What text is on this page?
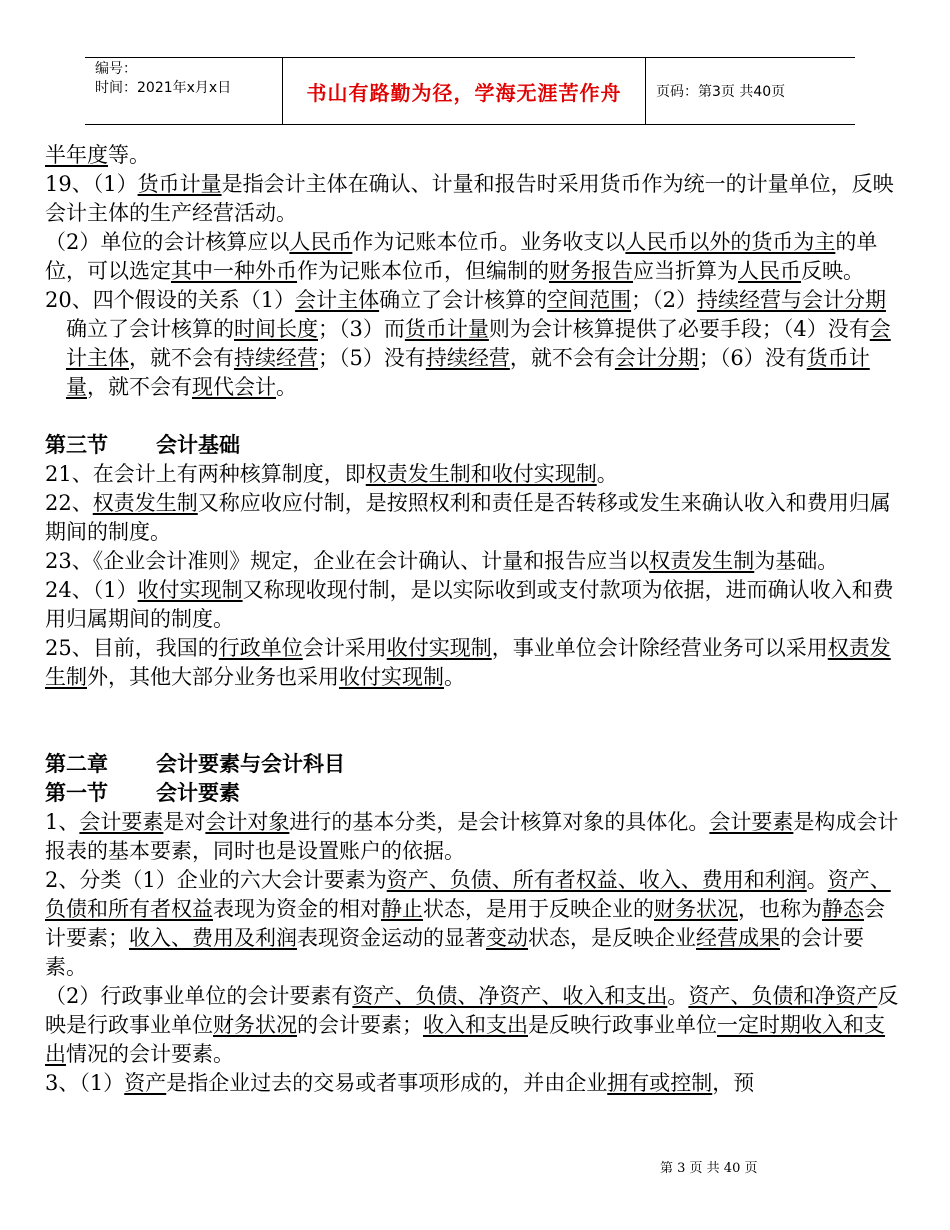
编号：
时间：2021年x月x日	书山有路勤为径，学海无涯苦作舟	页码：第3页 共40页

半年度等。

19、（1）货币计量是指会计主体在确认、计量和报告时采用货币作为统一的计量单位，反映会计主体的生产经营活动。

（2）单位的会计核算应以人民币作为记账本位币。业务收支以人民币以外的货币为主的单位，可以选定其中一种外币作为记账本位币，但编制的财务报告应当折算为人民币反映。

20、四个假设的关系（1）会计主体确立了会计核算的空间范围；（2）持续经营与会计分期确立了会计核算的时间长度；（3）而货币计量则为会计核算提供了必要手段；（4）没有会计主体，就不会有持续经营；（5）没有持续经营，就不会有会计分期；（6）没有货币计量，就不会有现代会计。

第三节 会计基础

21、在会计上有两种核算制度，即权责发生制和收付实现制。

22、权责发生制又称应收应付制，是按照权利和责任是否转移或发生来确认收入和费用归属期间的制度。

23、《企业会计准则》规定，企业在会计确认、计量和报告应当以权责发生制为基础。

24、（1）收付实现制又称现收现付制，是以实际收到或支付款项为依据，进而确认收入和费用归属期间的制度。

25、目前，我国的行政单位会计采用收付实现制，事业单位会计除经营业务可以采用权责发生制外，其他大部分业务也采用收付实现制。

第二章 会计要素与会计科目

第一节 会计要素

1、会计要素是对会计对象进行的基本分类，是会计核算对象的具体化。会计要素是构成会计报表的基本要素，同时也是设置账户的依据。

2、分类（1）企业的六大会计要素为资产、负债、所有者权益、收入、费用和利润。资产、负债和所有者权益表现为资金的相对静止状态，是用于反映企业的财务状况，也称为静态会计要素；收入、费用及利润表现资金运动的显著变动状态，是反映企业经营成果的会计要素。

（2）行政事业单位的会计要素有资产、负债、净资产、收入和支出。资产、负债和净资产反映是行政事业单位财务状况的会计要素；收入和支出是反映行政事业单位一定时期收入和支出情况的会计要素。

3、（1）资产是指企业过去的交易或者事项形成的，并由企业拥有或控制，预

第 3 页 共 40 页
